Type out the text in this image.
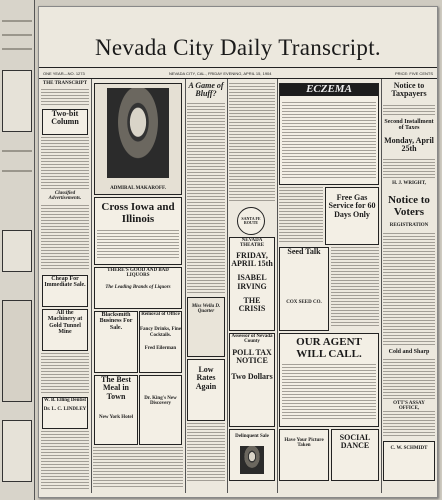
Nevada City Daily Transcript.
ONE YEAR—NO. 1273	NEVADA CITY, CAL., FRIDAY EVENING, APRIL 15, 1904	PRICE: FIVE CENTS
THE TRANSCRIPT
Two-bit Column
Classified Advertisements.
Cheap For Immediate Sale.
All the Machinery at Gold Tunnel Mine
W. B. Elling Dentist
Dr. L. C. LINDLEY
ADMIRAL MAKAROFF.
Cross Iowa and Illinois
THERE'S GOOD AND BAD LIQUORS
The Leading Brands of Liquors
Blacksmith Business For Sale.
Removal of Office
Fancy Drinks, Fine Cocktails.
Fred Eilerman
The Best Meal in Town
New York Hotel
Dr. King's New Discovery
A Game of Bluff?
Miss Wella D. Quarter
Low Rates Again
SANTA FE ROUTE
NEVADA THEATRE
FRIDAY, APRIL 15th
ISABEL IRVING
THE CRISIS
Assessor of Nevada County
POLL TAX NOTICE
Two Dollars
Delinquent Sale
ECZEMA
Free Gas Service for 60 Days Only
Seed Talk
COX SEED CO.
OUR AGENT WILL CALL.
Have Your Picture Taken
SOCIAL DANCE
Notice to Taxpayers
Second Installment of Taxes
Monday, April 25th
H. J. WRIGHT,
Notice to Voters
REGISTRATION
Cold and Sharp
OTT'S ASSAY OFFICE,
C. W. SCHMIDT
